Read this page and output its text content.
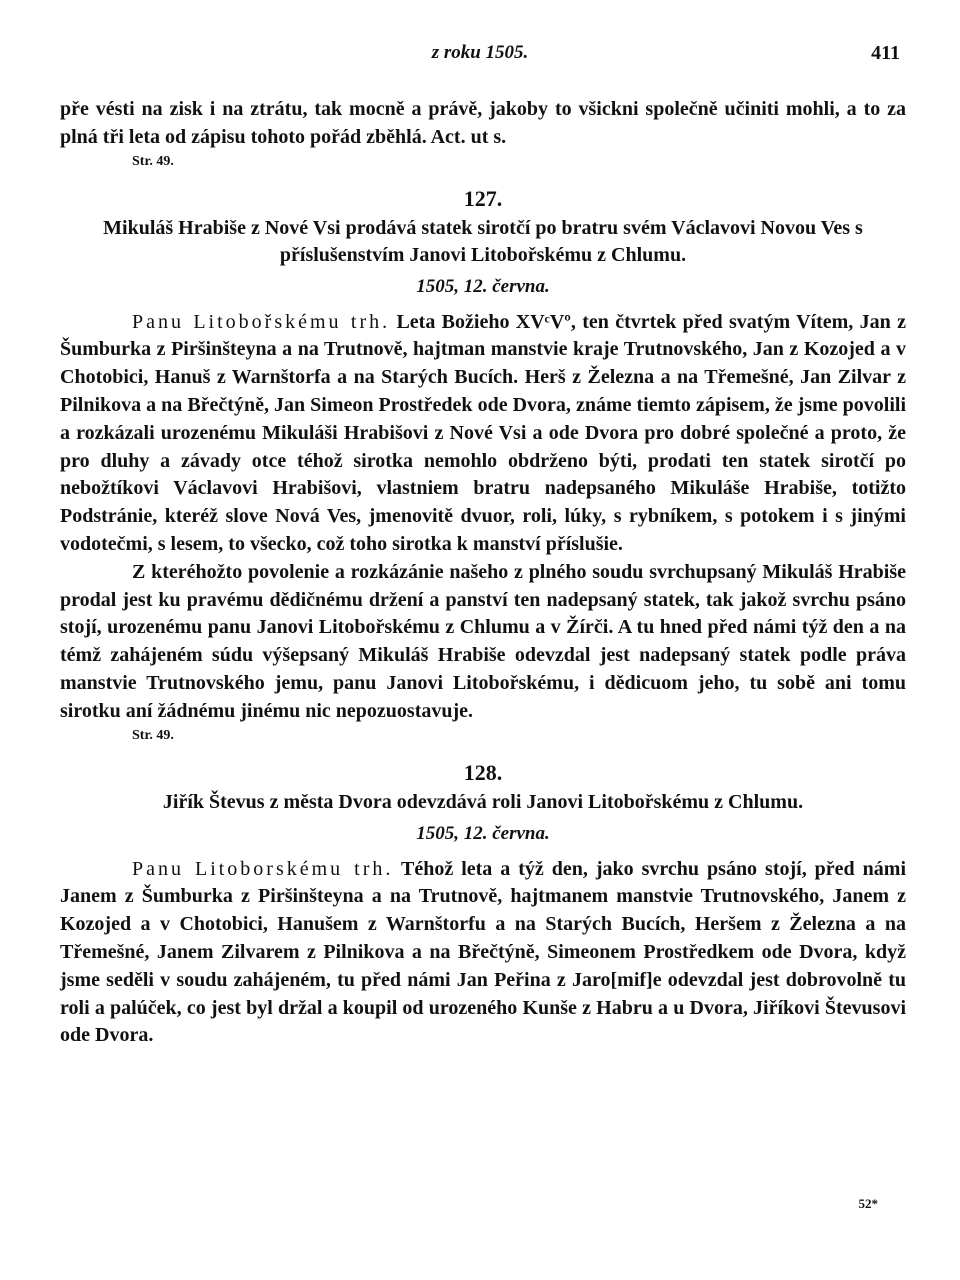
z roku 1505.	411

pře vésti na zisk i na ztrátu, tak mocně a právě, jakoby to všickni společně učiniti mohli, a to za plná tři leta od zápisu tohoto pořád zběhlá. Act. ut s.

Str. 49.
127.
Mikuláš Hrabiše z Nové Vsi prodává statek sirotčí po bratru svém Václavovi Novou Ves s příslušenstvím Janovi Litobořskému z Chlumu.
1505, 12. června.

Panu Litobořskému trh. Leta Božieho XVᶜVº, ten čtvrtek před svatým Vítem, Jan z Šumburka z Piršinšteyna a na Trutnově, hajtman manstvie kraje Trutnovského, Jan z Kozojed a v Chotobici, Hanuš z Warnštorfa a na Starých Bucích. Herš z Železna a na Třemešné, Jan Zilvar z Pilnikova a na Břečtýně, Jan Simeon Prostředek ode Dvora, známe tiemto zápisem, že jsme povolili a rozkázali urozenému Mikuláši Hrabišovi z Nové Vsi a ode Dvora pro dobré společné a proto, že pro dluhy a závady otce téhož sirotka nemohlo obdrženo býti, prodati ten statek sirotčí po nebožtíkovi Václavovi Hrabišovi, vlastniem bratru nadepsaného Mikuláše Hrabiše, totižto Podstránie, kteréž slove Nová Ves, jmenovitě dvuor, roli, lúky, s rybníkem, s potokem i s jinými vodotečmi, s lesem, to všecko, což toho sirotka k manství příslušie.

Z kteréhožto povolenie a rozkázánie našeho z plného soudu svrchupsaný Mikuláš Hrabiše prodal jest ku pravému dědičnému držení a panství ten nadepsaný statek, tak jakož svrchu psáno stojí, urozenému panu Janovi Litobořskému z Chlumu a v Žírči. A tu hned před námi týž den a na témž zahájeném súdu výšepsaný Mikuláš Hrabiše odevzdal jest nadepsaný statek podle práva manstvie Trutnovského jemu, panu Janovi Litobořskému, i dědicuom jeho, tu sobě ani tomu sirotku aní žádnému jinému nic nepozuostavuje.

Str. 49.
128.
Jiřík Števus z města Dvora odevzdává roli Janovi Litobořskému z Chlumu.
1505, 12. června.

Panu Litoborskému trh. Téhož leta a týž den, jako svrchu psáno stojí, před námi Janem z Šumburka z Piršinšteyna a na Trutnově, hajtmanem manstvie Trutnovského, Janem z Kozojed a v Chotobici, Hanušem z Warnštorfu a na Starých Bucích, Heršem z Železna a na Třemešné, Janem Zilvarem z Pilnikova a na Břečtýně, Simeonem Prostředkem ode Dvora, když jsme seděli v soudu zahájeném, tu před námi Jan Peřina z Jaro[mif]e odevzdal jest dobrovolně tu roli a palúček, co jest byl držal a koupil od urozeného Kunše z Habru a u Dvora, Jiříkovi Števusovi ode Dvora.

52*
